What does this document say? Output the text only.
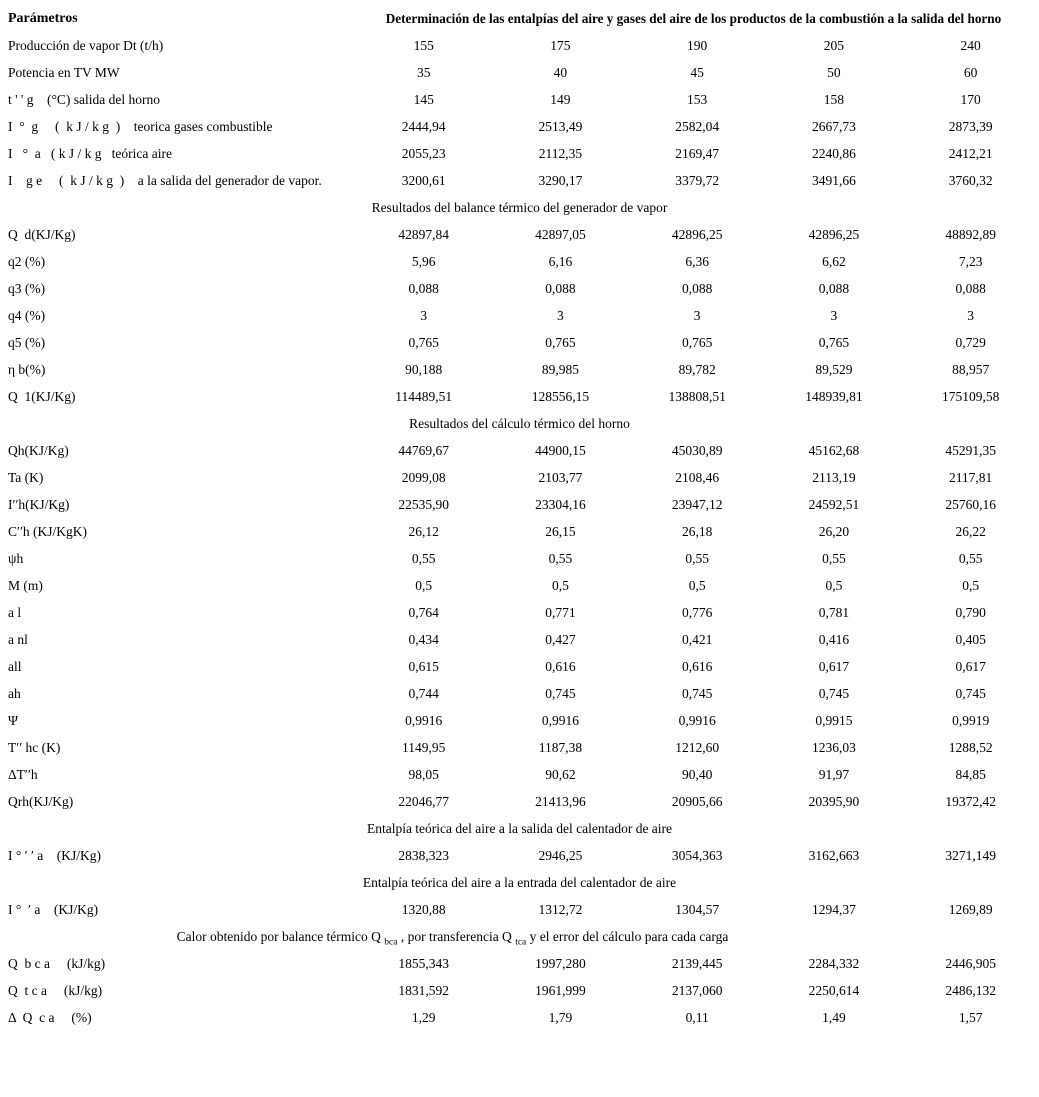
Parámetros	Determinación de las entalpías del aire y gases del aire de los productos de la combustión a la salida del horno
Producción de vapor Dt (t/h)	155	175	190	205	240
Potencia en TV MW	35	40	45	50	60
t ' ' g    (°C) salida del horno	145	149	153	158	170
I  °  g     (  k J / k g  )    teorica gases combustible	2444,94	2513,49	2582,04	2667,73	2873,39
I   °  a   ( k J / k g   teórica aire	2055,23	2112,35	2169,47	2240,86	2412,21
I    g e     (  k J / k g  )    a la salida del generador de vapor.	3200,61	3290,17	3379,72	3491,66	3760,32
Resultados del balance térmico del generador de vapor
Q  d(KJ/Kg)	42897,84	42897,05	42896,25	42896,25	48892,89
q2 (%)	5,96	6,16	6,36	6,62	7,23
q3 (%)	0,088	0,088	0,088	0,088	0,088
q4 (%)	3	3	3	3	3
q5 (%)	0,765	0,765	0,765	0,765	0,729
η b(%)	90,188	89,985	89,782	89,529	88,957
Q  1(KJ/Kg)	114489,51	128556,15	138808,51	148939,81	175109,58
Resultados del cálculo térmico del horno
Qh(KJ/Kg)	44769,67	44900,15	45030,89	45162,68	45291,35
Ta (K)	2099,08	2103,77	2108,46	2113,19	2117,81
I′′h(KJ/Kg)	22535,90	23304,16	23947,12	24592,51	25760,16
C′′h (KJ/KgK)	26,12	26,15	26,18	26,20	26,22
ψh	0,55	0,55	0,55	0,55	0,55
M (m)	0,5	0,5	0,5	0,5	0,5
a l	0,764	0,771	0,776	0,781	0,790
a nl	0,434	0,427	0,421	0,416	0,405
all	0,615	0,616	0,616	0,617	0,617
ah	0,744	0,745	0,745	0,745	0,745
Ψ	0,9916	0,9916	0,9916	0,9915	0,9919
T′′ hc (K)	1149,95	1187,38	1212,60	1236,03	1288,52
ΔT′′h	98,05	90,62	90,40	91,97	84,85
Qrh(KJ/Kg)	22046,77	21413,96	20905,66	20395,90	19372,42
Entalpía teórica del aire a la salida del calentador de aire
I ° ′ ′ a    (KJ/Kg)	2838,323	2946,25	3054,363	3162,663	3271,149
Entalpía teórica del aire a la entrada del calentador de aire
I °  ′ a    (KJ/Kg)	1320,88	1312,72	1304,57	1294,37	1269,89
Calor obtenido por balance térmico Q $_{bca}$ , por transferencia Q $_{tca}$ y el error del cálculo para cada carga
Q  b c a     (kJ/kg)	1855,343	1997,280	2139,445	2284,332	2446,905
Q  t c a     (kJ/kg)	1831,592	1961,999	2137,060	2250,614	2486,132
Δ  Q  c a     (%)	1,29	1,79	0,11	1,49	1,57
